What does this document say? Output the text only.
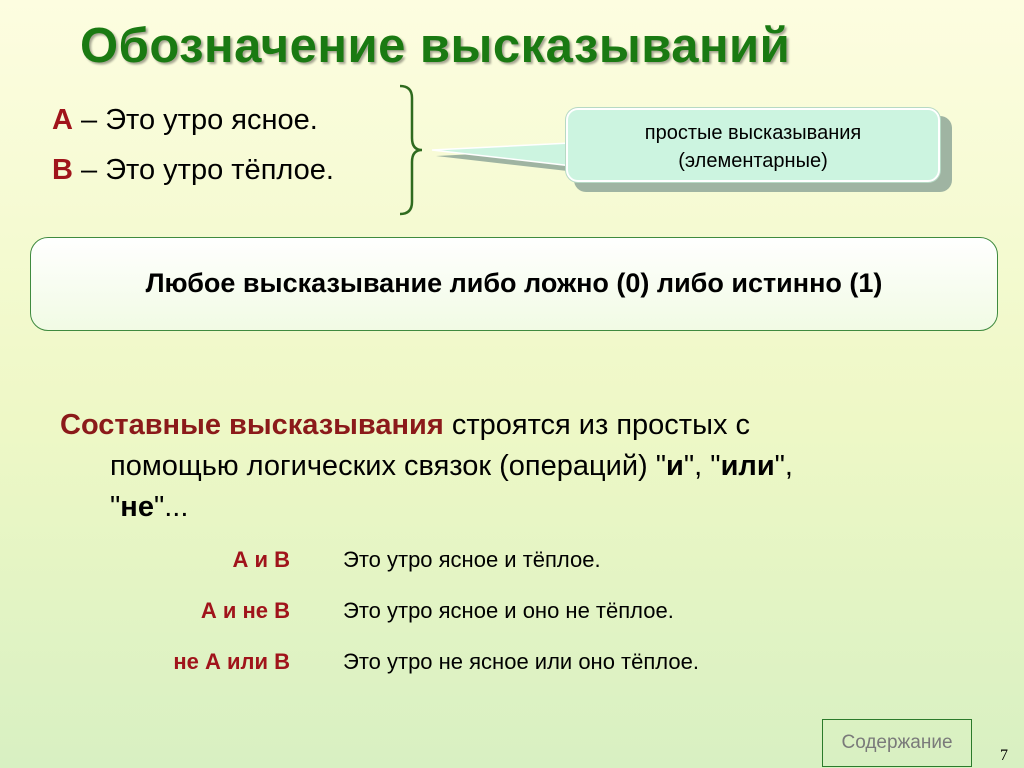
Обозначение высказываний
A – Это утро ясное.
B – Это утро тёплое.
простые высказывания
(элементарные)
Любое высказывание либо ложно (0) либо истинно (1)
Составные высказывания строятся из простых с
помощью логических связок (операций) "и", "или",
"не"...
А и В Это утро ясное и тёплое.
А и не В Это утро ясное и оно не тёплое.
не А или В Это утро не ясное или оно тёплое.
Содержание
7
